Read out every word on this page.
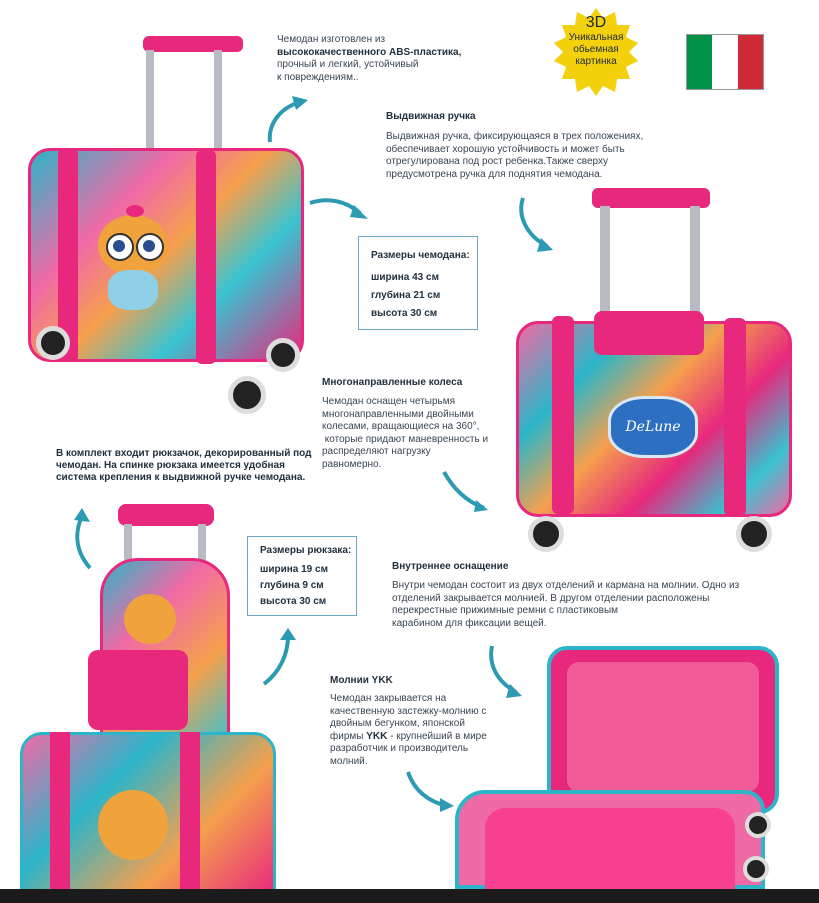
Чемодан изготовлен из
высококачественного ABS-пластика,
прочный и легкий, устойчивый
к повреждениям..
3D
Уникальная
обьемная
картинка
Выдвижная ручка
Выдвижная ручка, фиксирующаяся в трех положениях,
обеспечивает хорошую устойчивость и может быть
отрегулирована под рост ребенка.Также сверху
предусмотрена ручка для поднятия чемодана.
Размеры чемодана:
ширина 43 см
глубина 21 см
высота 30 см
DeLune
Многонаправленные колеса
Чемодан оснащен четырьмя
многонаправленными двойными
колесами, вращающиеся на 360°,
которые придают маневренность и
распределяют нагрузку
равномерно.
В комплект входит рюкзачок, декорированный под
чемодан. На спинке рюкзака имеется удобная
система крепления к выдвижной ручке чемодана.
Размеры рюкзака:
ширина 19 см
глубина 9 см
высота 30 см
Внутреннее оснащение
Внутри чемодан состоит из двух отделений и кармана на молнии. Одно из
отделений закрывается молнией. В другом отделении расположены
перекрестные прижимные ремни с пластиковым
карабином для фиксации вещей.
Молнии YKK
Чемодан закрывается на
качественную застежку-молнию с
двойным бегунком, японской
фирмы YKK - крупнейший в мире
разработчик и производитель
молний.
